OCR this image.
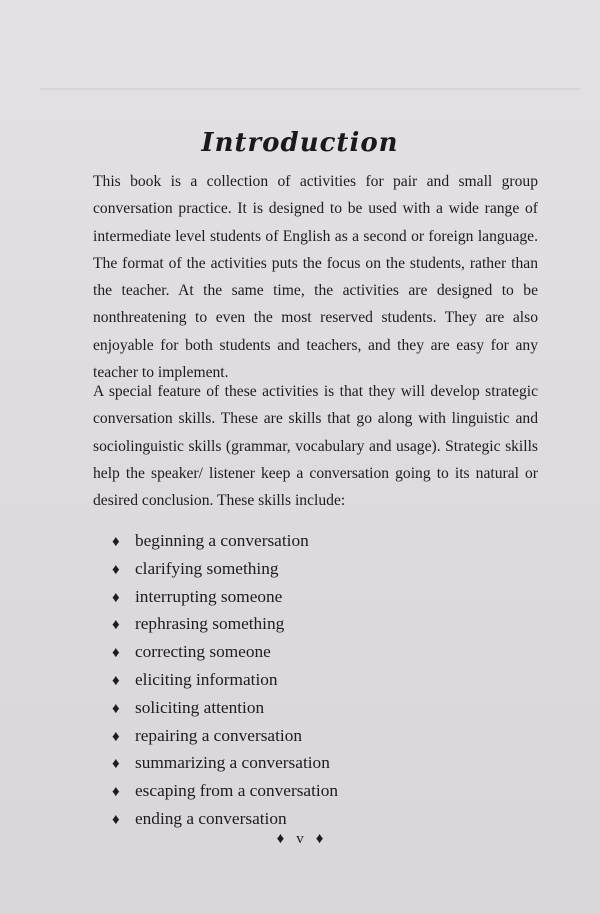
Introduction

This book is a collection of activities for pair and small group conversation practice. It is designed to be used with a wide range of intermediate level students of English as a second or foreign language. The format of the activities puts the focus on the students, rather than the teacher. At the same time, the activities are designed to be nonthreatening to even the most reserved students. They are also enjoyable for both students and teachers, and they are easy for any teacher to implement.

A special feature of these activities is that they will develop strategic conversation skills. These are skills that go along with linguistic and sociolinguistic skills (grammar, vocabulary and usage). Strategic skills help the speaker/ listener keep a conversation going to its natural or desired conclusion. These skills include:

♦ beginning a conversation
♦ clarifying something
♦ interrupting someone
♦ rephrasing something
♦ correcting someone
♦ eliciting information
♦ soliciting attention
♦ repairing a conversation
♦ summarizing a conversation
♦ escaping from a conversation
♦ ending a conversation
♦ v ♦
